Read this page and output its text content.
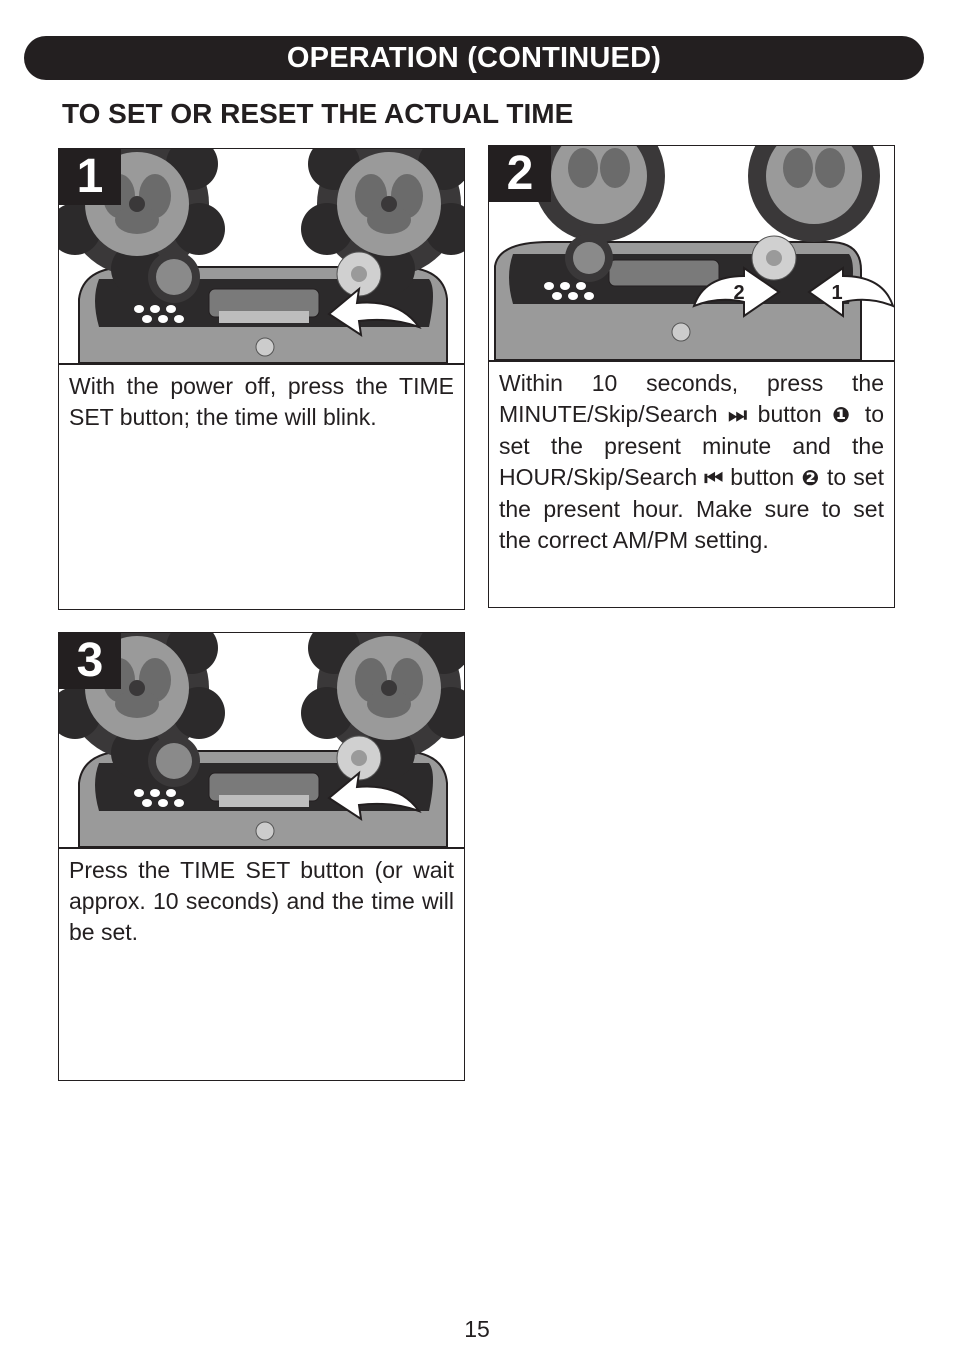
OPERATION (CONTINUED)
TO SET OR RESET THE ACTUAL TIME
1
With the power off, press the TIME SET button; the time will blink.
2	1
2
Within 10 seconds, press the MINUTE/Skip/Search ⏭ button ❶ to set the present minute and the HOUR/Skip/Search ⏮ button ❷ to set the present hour. Make sure to set the correct AM/PM setting.
3
Press the TIME SET button (or wait approx. 10 seconds) and the time will be set.
15
